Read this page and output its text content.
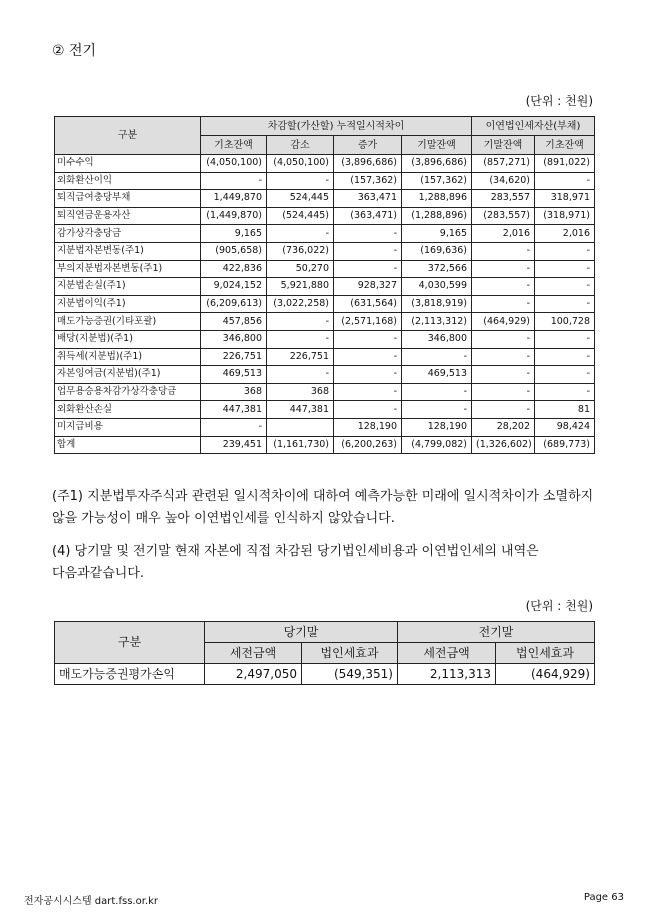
② 전기
(단위 : 천원)
구분	차감할(가산할) 누적일시적차이				이연법인세자산(부채)	
	기초잔액	감소	증가	기말잔액	기말잔액	기초잔액
미수수익	(4,050,100)	(4,050,100)	(3,896,686)	(3,896,686)	(857,271)	(891,022)
외화환산이익	-	-	(157,362)	(157,362)	(34,620)	-
퇴직급여충당부채	1,449,870	524,445	363,471	1,288,896	283,557	318,971
퇴직연금운용자산	(1,449,870)	(524,445)	(363,471)	(1,288,896)	(283,557)	(318,971)
감가상각충당금	9,165	-	-	9,165	2,016	2,016
지분법자본변동(주1)	(905,658)	(736,022)	-	(169,636)	-	-
부의지분법자본변동(주1)	422,836	50,270	-	372,566	-	-
지분법손실(주1)	9,024,152	5,921,880	928,327	4,030,599	-	-
지분법이익(주1)	(6,209,613)	(3,022,258)	(631,564)	(3,818,919)	-	-
매도가능증권(기타포괄)	457,856	-	(2,571,168)	(2,113,312)	(464,929)	100,728
배당(지분법)(주1)	346,800	-	-	346,800	-	-
취득세(지분법)(주1)	226,751	226,751	-	-	-	-
자본잉여금(지분법)(주1)	469,513	-	-	469,513	-	-
업무용승용차감가상각충당금	368	368	-	-	-	-
외화환산손실	447,381	447,381	-	-	-	81
미지급비용	-		128,190	128,190	28,202	98,424
합계	239,451	(1,161,730)	(6,200,263)	(4,799,082)	(1,326,602)	(689,773)
(주1) 지분법투자주식과 관련된 일시적차이에 대하여 예측가능한 미래에 일시적차이가 소멸하지 않을 가능성이 매우 높아 이연법인세를 인식하지 않았습니다.
(4) 당기말 및 전기말 현재 자본에 직접 차감된 당기법인세비용과 이연법인세의 내역은 다음과같습니다.
(단위 : 천원)
구분	당기말		전기말	
	세전금액	법인세효과	세전금액	법인세효과
매도가능증권평가손익	2,497,050	(549,351)	2,113,313	(464,929)
전자공시시스템 dart.fss.or.kr	Page 63
